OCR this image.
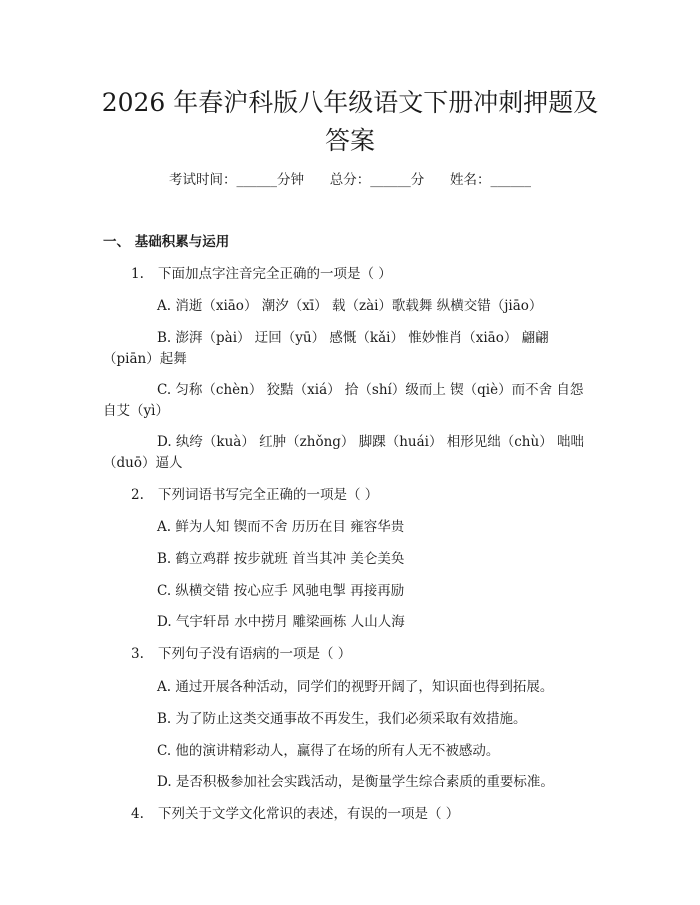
2026 年春沪科版八年级语文下册冲刺押题及
答案
考试时间：______分钟      总分：______分      姓名：______
一、 基础积累与运用
1. 下面加点字注音完全正确的一项是（ ）
A. 消逝（xiāo） 潮汐（xī） 载（zài）歌载舞 纵横交错（jiāo）
B. 澎湃（pài） 迂回（yū） 感慨（kǎi） 惟妙惟肖（xiāo） 翩翩
（piān）起舞
C. 匀称（chèn） 狡黠（xiá） 拾（shí）级而上 锲（qiè）而不舍 自怨
自艾（yì）
D. 纨绔（kuà） 红肿（zhǒng） 脚踝（huái） 相形见绌（chù） 咄咄
（duō）逼人
2. 下列词语书写完全正确的一项是（ ）
A. 鲜为人知 锲而不舍 历历在目 雍容华贵
B. 鹤立鸡群 按步就班 首当其冲 美仑美奂
C. 纵横交错 按心应手 风驰电掣 再接再励
D. 气宇轩昂 水中捞月 雕梁画栋 人山人海
3. 下列句子没有语病的一项是（ ）
A. 通过开展各种活动，同学们的视野开阔了，知识面也得到拓展。
B. 为了防止这类交通事故不再发生，我们必须采取有效措施。
C. 他的演讲精彩动人，赢得了在场的所有人无不被感动。
D. 是否积极参加社会实践活动，是衡量学生综合素质的重要标准。
4. 下列关于文学文化常识的表述，有误的一项是（ ）
